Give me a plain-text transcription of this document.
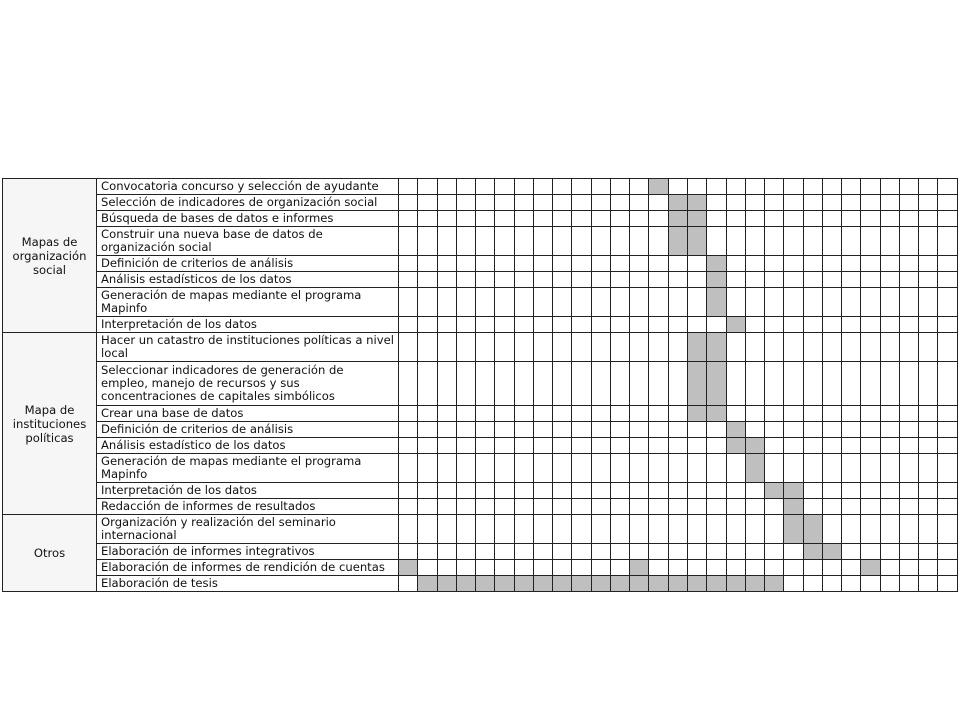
Mapas de organización social	Convocatoria concurso y selección de ayudante																													
	Selección de indicadores de organización social																													
	Búsqueda de bases de datos e informes																													
	Construir una nueva base de datos de organización social																													
	Definición de criterios de análisis																													
	Análisis estadísticos de los datos																													
	Generación de mapas mediante el programa Mapinfo																													
	Interpretación de los datos																													
Mapa de instituciones políticas	Hacer un catastro de instituciones políticas a nivel local																													
	Seleccionar indicadores de generación de empleo, manejo de recursos y sus concentraciones de capitales simbólicos																													
	Crear una base de datos																													
	Definición de criterios de análisis																													
	Análisis estadístico de los datos																													
	Generación de mapas mediante el programa Mapinfo																													
	Interpretación de los datos																													
	Redacción de informes de resultados																													
Otros	Organización y realización del seminario internacional																													
	Elaboración de informes integrativos																													
	Elaboración de informes de rendición de cuentas																													
	Elaboración de tesis																													
